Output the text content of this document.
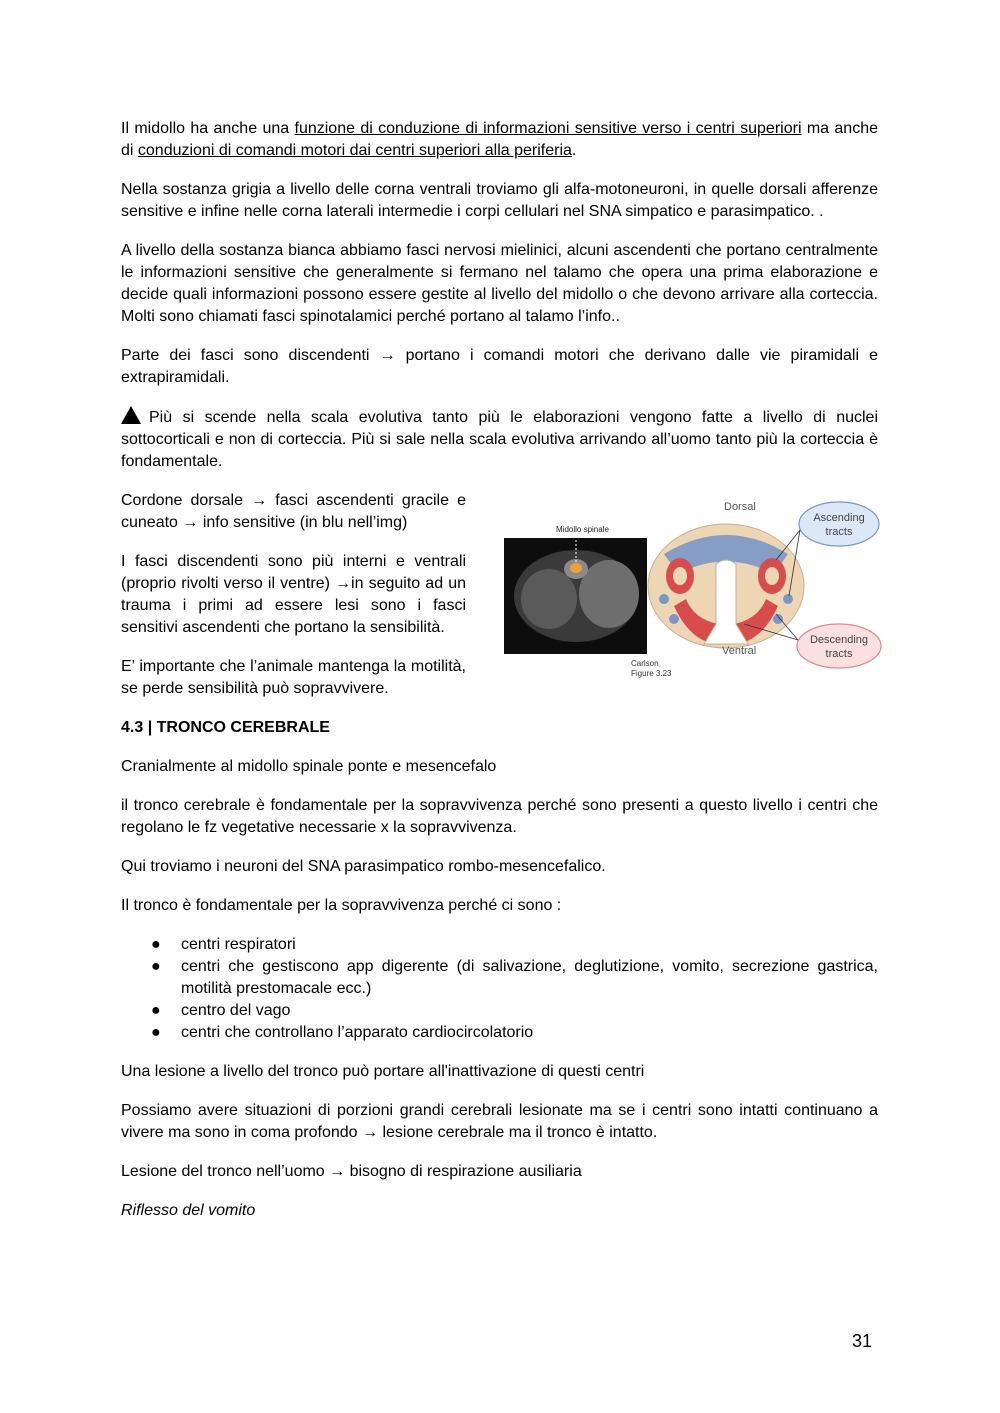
Il midollo ha anche una funzione di conduzione di informazioni sensitive verso i centri superiori ma anche di conduzioni di comandi motori dai centri superiori alla periferia.

Nella sostanza grigia a livello delle corna ventrali troviamo gli alfa-motoneuroni, in quelle dorsali afferenze sensitive e infine nelle corna laterali intermedie i corpi cellulari nel SNA simpatico e parasimpatico. .

A livello della sostanza bianca abbiamo fasci nervosi mielinici, alcuni ascendenti che portano centralmente le informazioni sensitive che generalmente si fermano nel talamo che opera una prima elaborazione e decide quali informazioni possono essere gestite al livello del midollo o che devono arrivare alla corteccia. Molti sono chiamati fasci spinotalamici perché portano al talamo l’info..

Parte dei fasci sono discendenti → portano i comandi motori che derivano dalle vie piramidali e extrapiramidali.

Più si scende nella scala evolutiva tanto più le elaborazioni vengono fatte a livello di nuclei sottocorticali e non di corteccia. Più si sale nella scala evolutiva arrivando all’uomo tanto più la corteccia è fondamentale.

Cordone dorsale → fasci ascendenti gracile e cuneato → info sensitive (in blu nell’img)

I fasci discendenti sono più interni e ventrali (proprio rivolti verso il ventre) →in seguito ad un trauma i primi ad essere lesi sono i fasci sensitivi ascendenti che portano la sensibilità.

E’ importante che l’animale mantenga la motilità, se perde sensibilità può sopravvivere.

Midollo spinale
Dorsal
Ventral
Ascending
tracts
Descending
tracts
Carlson
Figure 3.23
4.3 | TRONCO CEREBRALE

Cranialmente al midollo spinale ponte e mesencefalo

il tronco cerebrale è fondamentale per la sopravvivenza perché sono presenti a questo livello i centri che regolano le fz vegetative necessarie x la sopravvivenza.

Qui troviamo i neuroni del SNA parasimpatico rombo-mesencefalico.

Il tronco è fondamentale per la sopravvivenza perché ci sono :

● centri respiratori
● centri che gestiscono app digerente (di salivazione, deglutizione, vomito, secrezione gastrica, motilità prestomacale ecc.)
● centro del vago
● centri che controllano l’apparato cardiocircolatorio

Una lesione a livello del tronco può portare all'inattivazione di questi centri

Possiamo avere situazioni di porzioni grandi cerebrali lesionate ma se i centri sono intatti continuano a vivere ma sono in coma profondo → lesione cerebrale ma il tronco è intatto.

Lesione del tronco nell’uomo → bisogno di respirazione ausiliaria

Riflesso del vomito

31
